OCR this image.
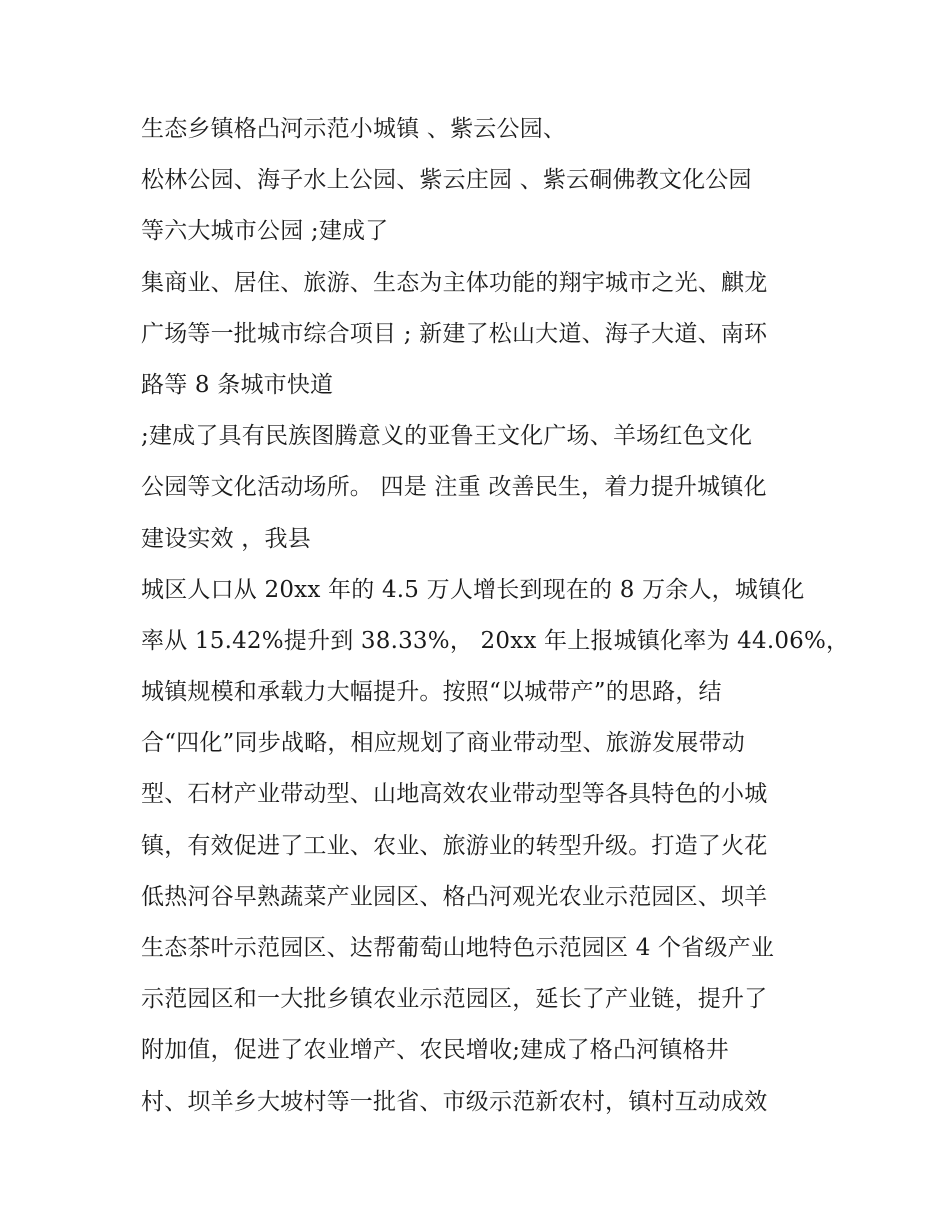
生态乡镇格凸河示范小城镇 、紫云公园、
松林公园、海子水上公园、紫云庄园 、紫云硐佛教文化公园
等六大城市公园 ;建成了
集商业、居住、旅游、生态为主体功能的翔宇城市之光、麒龙
广场等一批城市综合项目 ; 新建了松山大道、海子大道、南环
路等 8 条城市快道
;建成了具有民族图腾意义的亚鲁王文化广场、羊场红色文化
公园等文化活动场所。 四是 注重 改善民生，着力提升城镇化
建设实效 ，我县
城区人口从 20xx 年的 4.5 万人增长到现在的 8 万余人，城镇化
率从 15.42%提升到 38.33%， 20xx 年上报城镇化率为 44.06%，
城镇规模和承载力大幅提升。按照“以城带产”的思路，结
合“四化”同步战略，相应规划了商业带动型、旅游发展带动
型、石材产业带动型、山地高效农业带动型等各具特色的小城
镇，有效促进了工业、农业、旅游业的转型升级。打造了火花
低热河谷早熟蔬菜产业园区、格凸河观光农业示范园区、坝羊
生态茶叶示范园区、达帮葡萄山地特色示范园区 4 个省级产业
示范园区和一大批乡镇农业示范园区，延长了产业链，提升了
附加值，促进了农业增产、农民增收;建成了格凸河镇格井
村、坝羊乡大坡村等一批省、市级示范新农村，镇村互动成效
